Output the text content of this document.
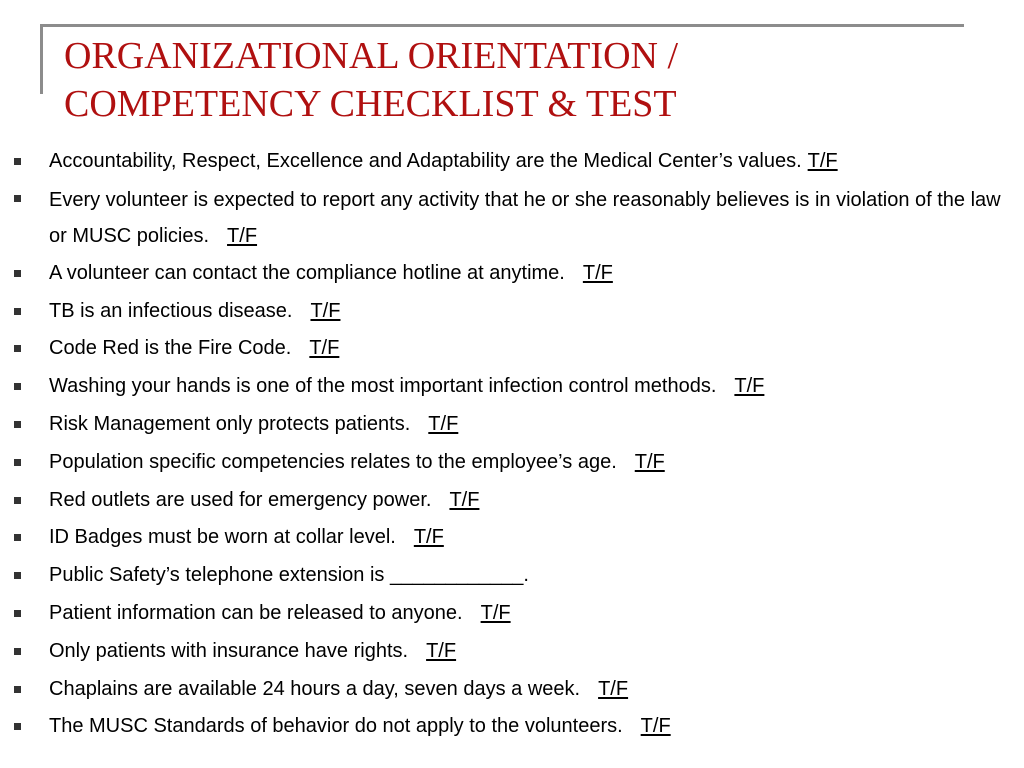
ORGANIZATIONAL ORIENTATION /
COMPETENCY CHECKLIST & TEST
Accountability, Respect, Excellence and Adaptability are the Medical Center’s values. T/F
Every volunteer is expected to report any activity that he or she reasonably believes is in violation of the law or MUSC policies. T/F
A volunteer can contact the compliance hotline at anytime. T/F
TB is an infectious disease. T/F
Code Red is the Fire Code. T/F
Washing your hands is one of the most important infection control methods. T/F
Risk Management only protects patients. T/F
Population specific competencies relates to the employee’s age. T/F
Red outlets are used for emergency power. T/F
ID Badges must be worn at collar level. T/F
Public Safety’s telephone extension is ____________.
Patient information can be released to anyone. T/F
Only patients with insurance have rights. T/F
Chaplains are available 24 hours a day, seven days a week. T/F
The MUSC Standards of behavior do not apply to the volunteers. T/F
